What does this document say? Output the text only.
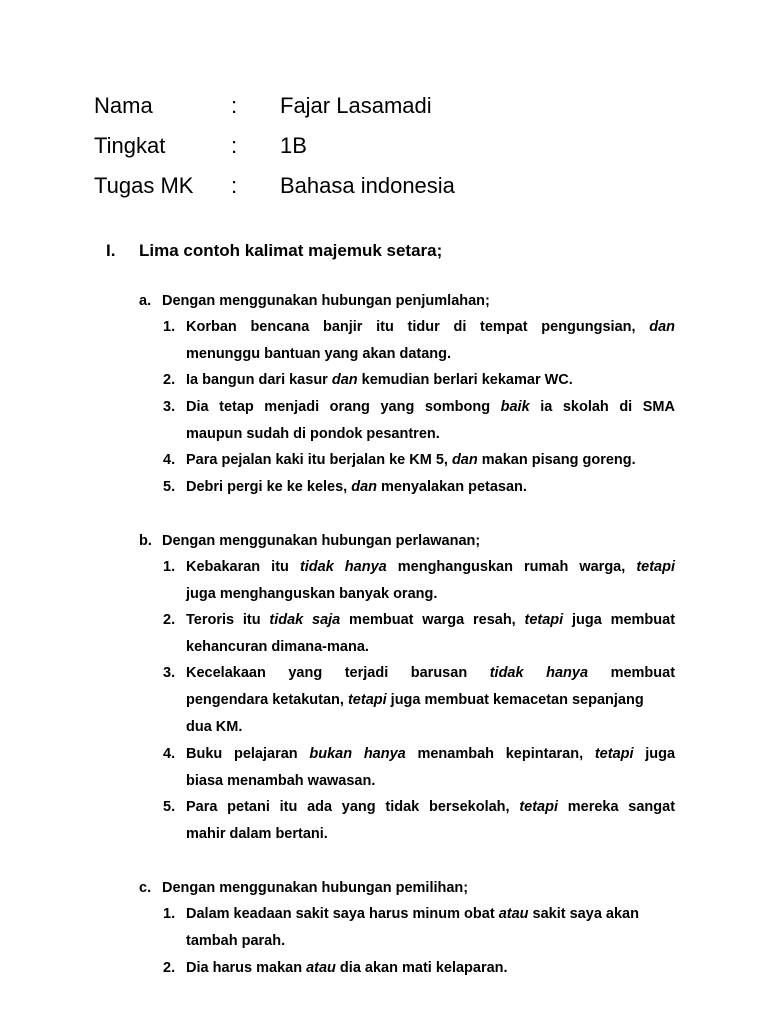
Nama	: Fajar Lasamadi
Tingkat	: 1B
Tugas MK : Bahasa indonesia
I. Lima contoh kalimat majemuk setara;
a. Dengan menggunakan hubungan penjumlahan;
1. Korban bencana banjir itu tidur di tempat pengungsian, dan
menunggu bantuan yang akan datang.
2. Ia bangun dari kasur dan kemudian berlari kekamar WC.
3. Dia tetap menjadi orang yang sombong baik ia skolah di SMA
maupun sudah di pondok pesantren.
4. Para pejalan kaki itu berjalan ke KM 5, dan makan pisang goreng.
5. Debri pergi ke ke keles, dan menyalakan petasan.
b. Dengan menggunakan hubungan perlawanan;
1. Kebakaran itu tidak hanya menghanguskan rumah warga, tetapi
juga menghanguskan banyak orang.
2. Teroris itu tidak saja membuat warga resah, tetapi juga membuat
kehancuran dimana-mana.
3. Kecelakaan yang terjadi barusan tidak hanya membuat
pengendara ketakutan, tetapi juga membuat kemacetan sepanjang
dua KM.
4. Buku pelajaran bukan hanya menambah kepintaran, tetapi juga
biasa menambah wawasan.
5. Para petani itu ada yang tidak bersekolah, tetapi mereka sangat
mahir dalam bertani.
c. Dengan menggunakan hubungan pemilihan;
1. Dalam keadaan sakit saya harus minum obat atau sakit saya akan
tambah parah.
2. Dia harus makan atau dia akan mati kelaparan.
